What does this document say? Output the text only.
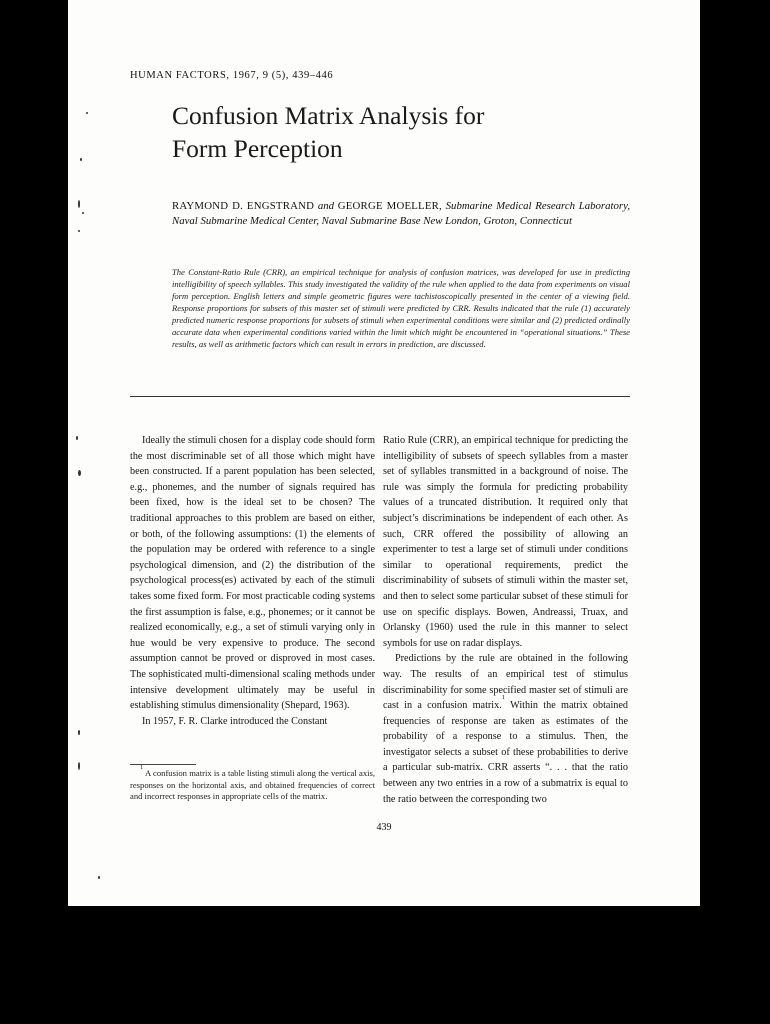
HUMAN FACTORS, 1967, 9 (5), 439–446
Confusion Matrix Analysis for
Form Perception
RAYMOND D. ENGSTRAND and GEORGE MOELLER, Submarine Medical Research Laboratory, Naval Submarine Medical Center, Naval Submarine Base New London, Groton, Connecticut
The Constant-Ratio Rule (CRR), an empirical technique for analysis of confusion matrices, was developed for use in predicting intelligibility of speech syllables. This study investigated the validity of the rule when applied to the data from experiments on visual form perception. English letters and simple geometric figures were tachistoscopically presented in the center of a viewing field. Response proportions for subsets of this master set of stimuli were predicted by CRR. Results indicated that the rule (1) accurately predicted numeric response proportions for subsets of stimuli when experimental conditions were similar and (2) predicted ordinally accurate data when experimental conditions varied within the limit which might be encountered in “operational situations.” These results, as well as arithmetic factors which can result in errors in prediction, are discussed.

Ideally the stimuli chosen for a display code should form the most discriminable set of all those which might have been constructed. If a parent population has been selected, e.g., phonemes, and the number of signals required has been fixed, how is the ideal set to be chosen? The traditional approaches to this problem are based on either, or both, of the following assumptions: (1) the elements of the population may be ordered with reference to a single psychological dimension, and (2) the distribution of the psychological process(es) activated by each of the stimuli takes some fixed form. For most practicable coding systems the first assumption is false, e.g., phonemes; or it cannot be realized economically, e.g., a set of stimuli varying only in hue would be very expensive to produce. The second assumption cannot be proved or disproved in most cases. The sophisticated multi-dimensional scaling methods under intensive development ultimately may be useful in establishing stimulus dimensionality (Shepard, 1963).

In 1957, F. R. Clarke introduced the Constant

Ratio Rule (CRR), an empirical technique for predicting the intelligibility of subsets of speech syllables from a master set of syllables transmitted in a background of noise. The rule was simply the formula for predicting probability values of a truncated distribution. It required only that subject’s discriminations be independent of each other. As such, CRR offered the possibility of allowing an experimenter to test a large set of stimuli under conditions similar to operational requirements, predict the discriminability of subsets of stimuli within the master set, and then to select some particular subset of these stimuli for use on specific displays. Bowen, Andreassi, Truax, and Orlansky (1960) used the rule in this manner to select symbols for use on radar displays.

Predictions by the rule are obtained in the following way. The results of an empirical test of stimulus discriminability for some specified master set of stimuli are cast in a confusion matrix.$^1$ Within the matrix obtained frequencies of response are taken as estimates of the probability of a response to a stimulus. Then, the investigator selects a subset of these probabilities to derive a particular sub-matrix. CRR asserts “. . . that the ratio between any two entries in a row of a submatrix is equal to the ratio between the corresponding two

$^1$ A confusion matrix is a table listing stimuli along the vertical axis, responses on the horizontal axis, and obtained frequencies of correct and incorrect responses in appropriate cells of the matrix.
439
